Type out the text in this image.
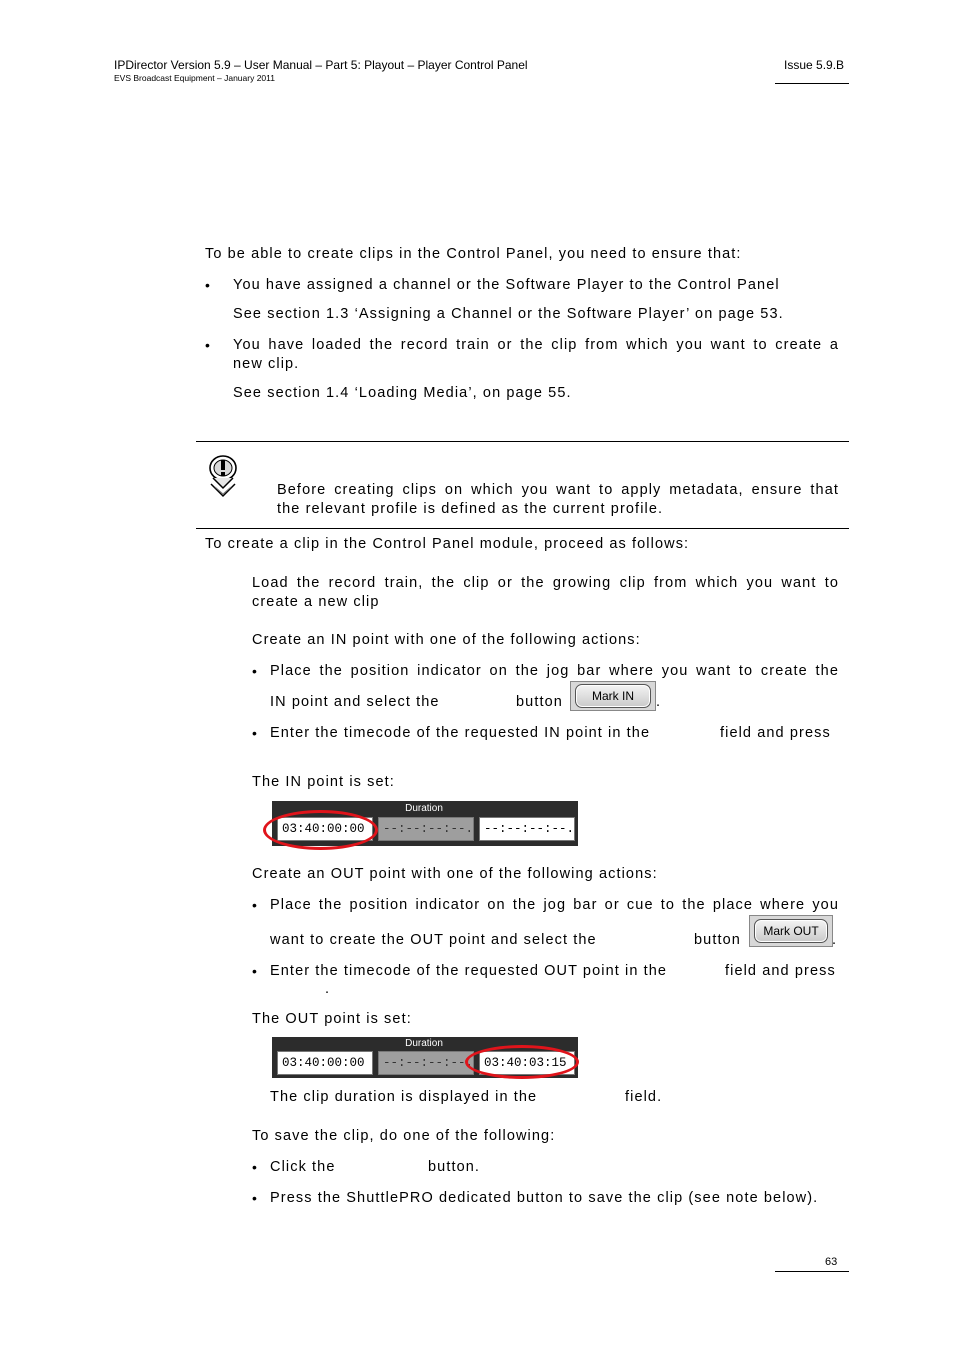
IPDirector Version 5.9 – User Manual – Part 5: Playout – Player Control Panel
EVS Broadcast Equipment – January 2011
Issue 5.9.B
To be able to create clips in the Control Panel, you need to ensure that:
• You have assigned a channel or the Software Player to the Control Panel
See section 1.3 ‘Assigning a Channel or the Software Player’ on page 53.
• You have loaded the record train or the clip from which you want to create a
new clip.
See section 1.4 ‘Loading Media’, on page 55.
Before creating clips on which you want to apply metadata, ensure that
the relevant profile is defined as the current profile.
To create a clip in the Control Panel module, proceed as follows:
Load the record train, the clip or the growing clip from which you want to
create a new clip
Create an IN point with one of the following actions:
• Place the position indicator on the jog bar where you want to create the
IN point and select the	button	Mark IN	.
• Enter the timecode of the requested IN point in the	field and press
The IN point is set:
Duration
03:40:00:00	--:--:--:--. --:--:--:--.
Create an OUT point with one of the following actions:
• Place the position indicator on the jog bar or cue to the place where you
want to create the OUT point and select the	button
Mark OUT
.
• Enter the timecode of the requested OUT point in the	field and press
.
The OUT point is set:
Duration
03:40:00:00	--:--:--:--. 03:40:03:15
The clip duration is displayed in the	field.
To save the clip, do one of the following:
• Click the	button.
• Press the ShuttlePRO dedicated button to save the clip (see note below).
63
